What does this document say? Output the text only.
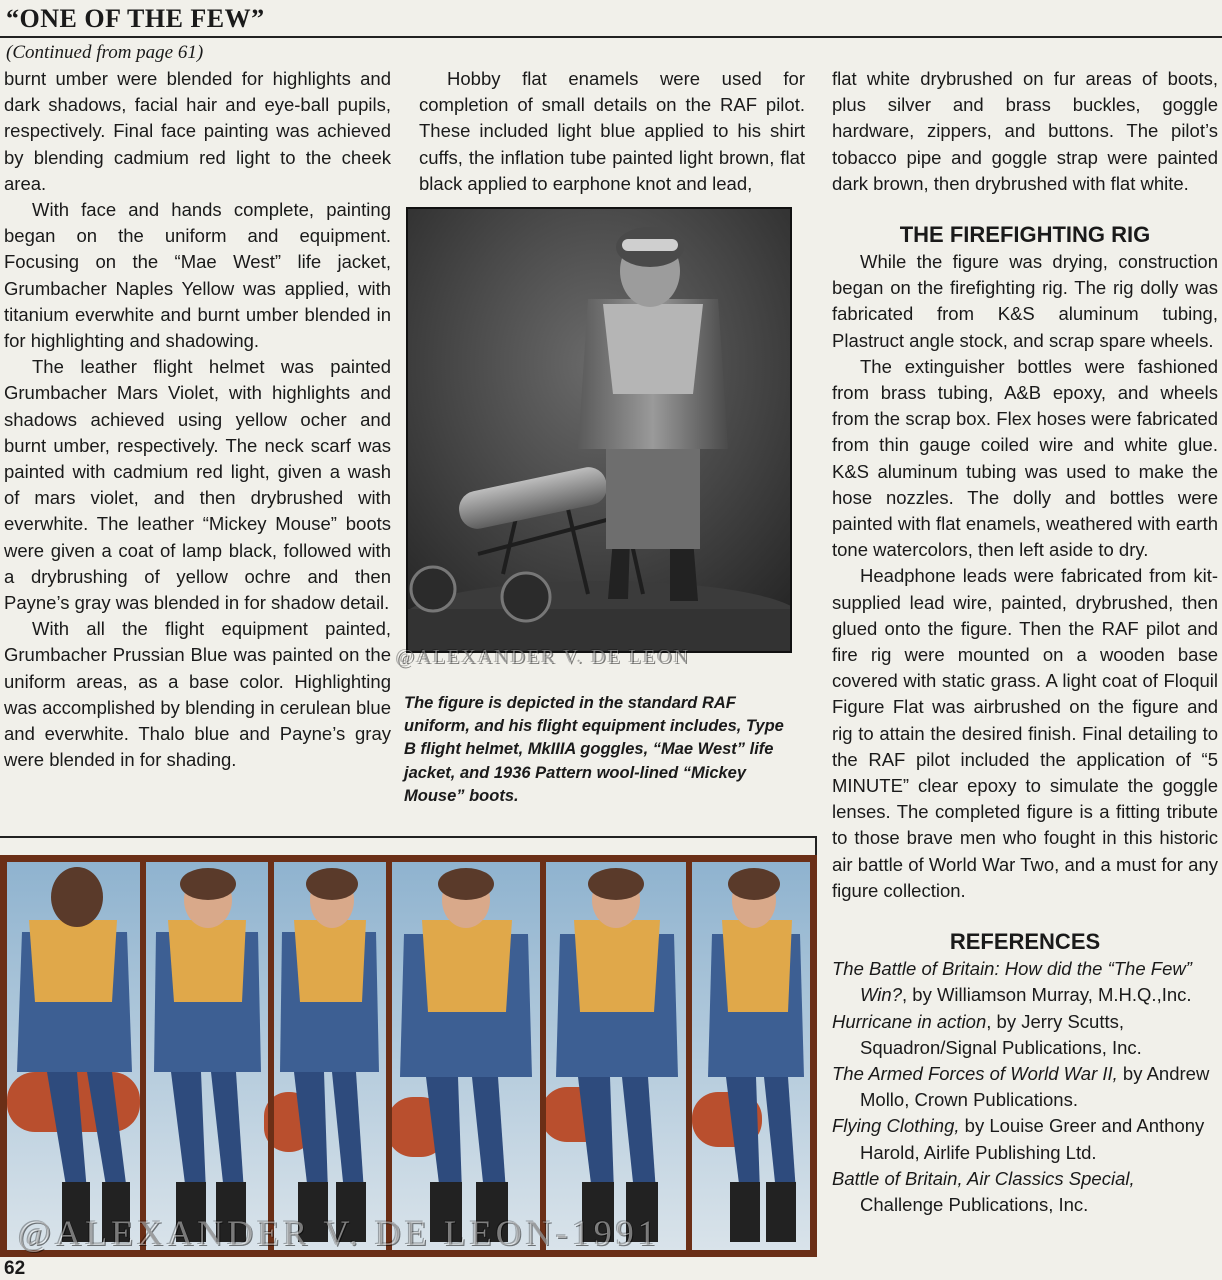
“ONE OF THE FEW”
(Continued from page 61)

burnt umber were blended for highlights and dark shadows, facial hair and eye-ball pupils, respectively. Final face painting was achieved by blending cadmium red light to the cheek area.

With face and hands complete, painting began on the uniform and equipment. Focusing on the “Mae West” life jacket, Grumbacher Naples Yellow was applied, with titanium everwhite and burnt umber blended in for highlighting and shadowing.

The leather flight helmet was painted Grumbacher Mars Violet, with highlights and shadows achieved using yellow ocher and burnt umber, respectively. The neck scarf was painted with cadmium red light, given a wash of mars violet, and then drybrushed with everwhite. The leather “Mickey Mouse” boots were given a coat of lamp black, followed with a drybrushing of yellow ochre and then Payne’s gray was blended in for shadow detail.

With all the flight equipment painted, Grumbacher Prussian Blue was painted on the uniform areas, as a base color. Highlighting was accomplished by blending in cerulean blue and everwhite. Thalo blue and Payne’s gray were blended in for shading.

Hobby flat enamels were used for completion of small details on the RAF pilot. These included light blue applied to his shirt cuffs, the inflation tube painted light brown, flat black applied to earphone knot and lead,

@ALEXANDER V. DE LEON
The figure is depicted in the standard RAF uniform, and his flight equipment includes, Type B flight helmet, MkIIIA goggles, “Mae West” life jacket, and 1936 Pattern wool-lined “Mickey Mouse” boots.

flat white drybrushed on fur areas of boots, plus silver and brass buckles, goggle hardware, zippers, and buttons. The pilot’s tobacco pipe and goggle strap were painted dark brown, then drybrushed with flat white.

THE FIREFIGHTING RIG

While the figure was drying, construction began on the firefighting rig. The rig dolly was fabricated from K&S aluminum tubing, Plastruct angle stock, and scrap spare wheels.

The extinguisher bottles were fashioned from brass tubing, A&B epoxy, and wheels from the scrap box. Flex hoses were fabricated from thin gauge coiled wire and white glue. K&S aluminum tubing was used to make the hose nozzles. The dolly and bottles were painted with flat enamels, weathered with earth tone watercolors, then left aside to dry.

Headphone leads were fabricated from kit-supplied lead wire, painted, drybrushed, then glued onto the figure. Then the RAF pilot and fire rig were mounted on a wooden base covered with static grass. A light coat of Floquil Figure Flat was airbrushed on the figure and rig to attain the desired finish. Final detailing to the RAF pilot included the application of “5 MINUTE” clear epoxy to simulate the goggle lenses. The completed figure is a fitting tribute to those brave men who fought in this historic air battle of World War Two, and a must for any figure collection.

REFERENCES
The Battle of Britain: How did the “The Few” Win?, by Williamson Murray, M.H.Q.,Inc.
Hurricane in action, by Jerry Scutts, Squadron/Signal Publications, Inc.
The Armed Forces of World War II, by Andrew Mollo, Crown Publications.
Flying Clothing, by Louise Greer and Anthony Harold, Airlife Publishing Ltd.
Battle of Britain, Air Classics Special, Challenge Publications, Inc.
@ALEXANDER V. DE LEON-1991
62
